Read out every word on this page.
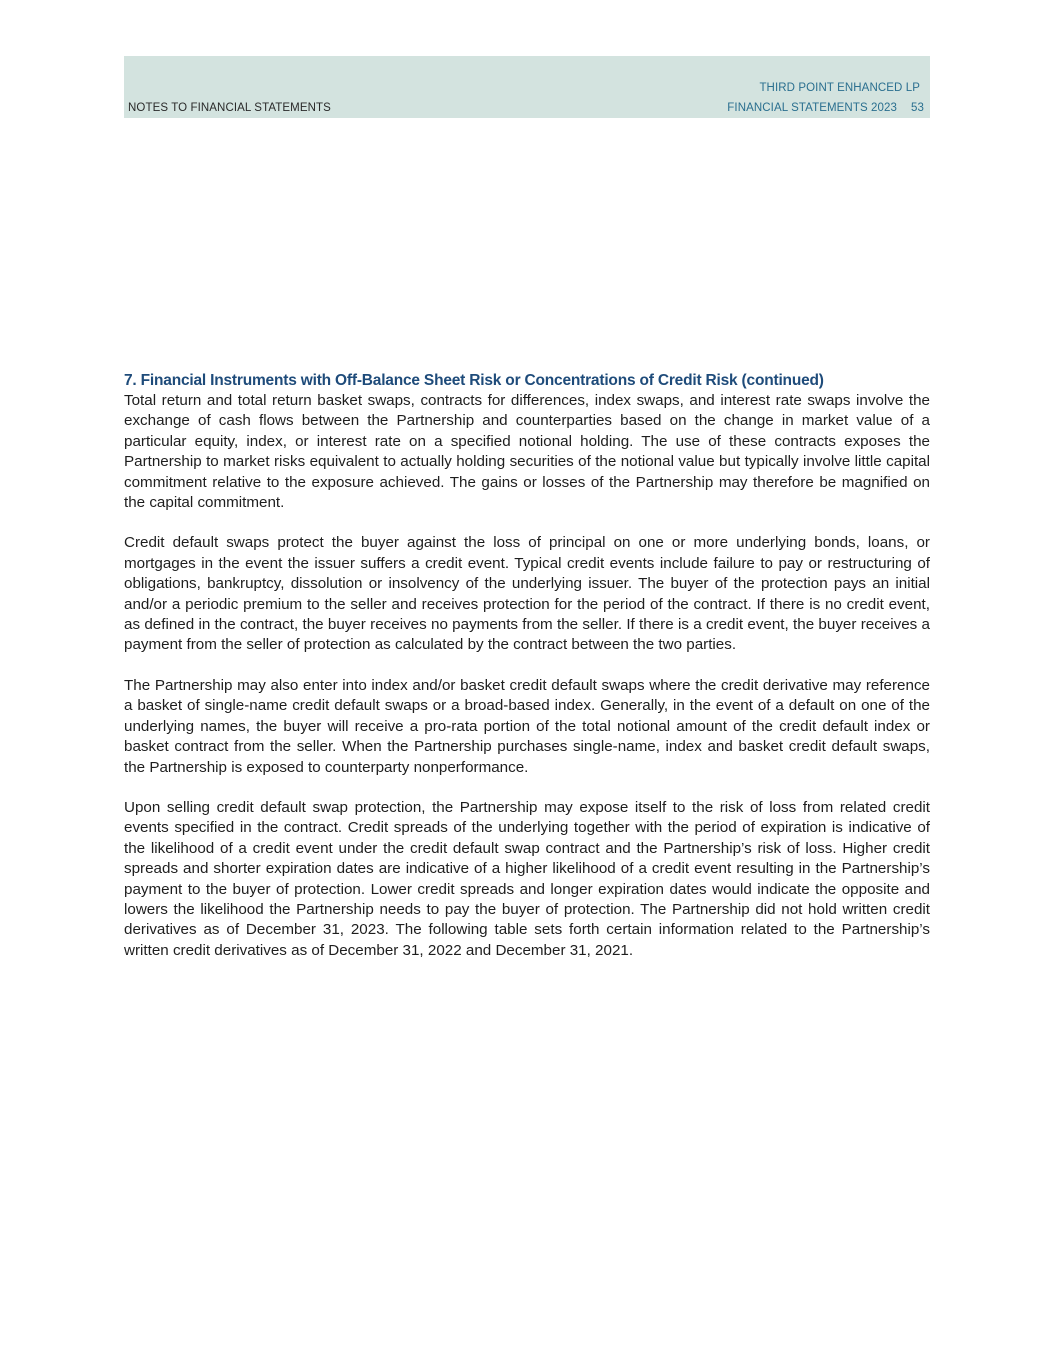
NOTES TO FINANCIAL STATEMENTS
THIRD POINT ENHANCED LP
FINANCIAL STATEMENTS 2023 53
7. Financial Instruments with Off-Balance Sheet Risk or Concentrations of Credit Risk (continued)

Total return and total return basket swaps, contracts for differences, index swaps, and interest rate swaps involve the exchange of cash flows between the Partnership and counterparties based on the change in market value of a particular equity, index, or interest rate on a specified notional holding. The use of these contracts exposes the Partnership to market risks equivalent to actually holding securities of the notional value but typically involve little capital commitment relative to the exposure achieved. The gains or losses of the Partnership may therefore be magnified on the capital commitment.

Credit default swaps protect the buyer against the loss of principal on one or more underlying bonds, loans, or mortgages in the event the issuer suffers a credit event. Typical credit events include failure to pay or restructuring of obligations, bankruptcy, dissolution or insolvency of the underlying issuer. The buyer of the protection pays an initial and/or a periodic premium to the seller and receives protection for the period of the contract. If there is no credit event, as defined in the contract, the buyer receives no payments from the seller. If there is a credit event, the buyer receives a payment from the seller of protection as calculated by the contract between the two parties.

The Partnership may also enter into index and/or basket credit default swaps where the credit derivative may reference a basket of single-name credit default swaps or a broad-based index. Generally, in the event of a default on one of the underlying names, the buyer will receive a pro-rata portion of the total notional amount of the credit default index or basket contract from the seller. When the Partnership purchases single-name, index and basket credit default swaps, the Partnership is exposed to counterparty nonperformance.

Upon selling credit default swap protection, the Partnership may expose itself to the risk of loss from related credit events specified in the contract. Credit spreads of the underlying together with the period of expiration is indicative of the likelihood of a credit event under the credit default swap contract and the Partnership’s risk of loss. Higher credit spreads and shorter expiration dates are indicative of a higher likelihood of a credit event resulting in the Partnership’s payment to the buyer of protection. Lower credit spreads and longer expiration dates would indicate the opposite and lowers the likelihood the Partnership needs to pay the buyer of protection. The Partnership did not hold written credit derivatives as of December 31, 2023. The following table sets forth certain information related to the Partnership’s written credit derivatives as of December 31, 2022 and December 31, 2021.
